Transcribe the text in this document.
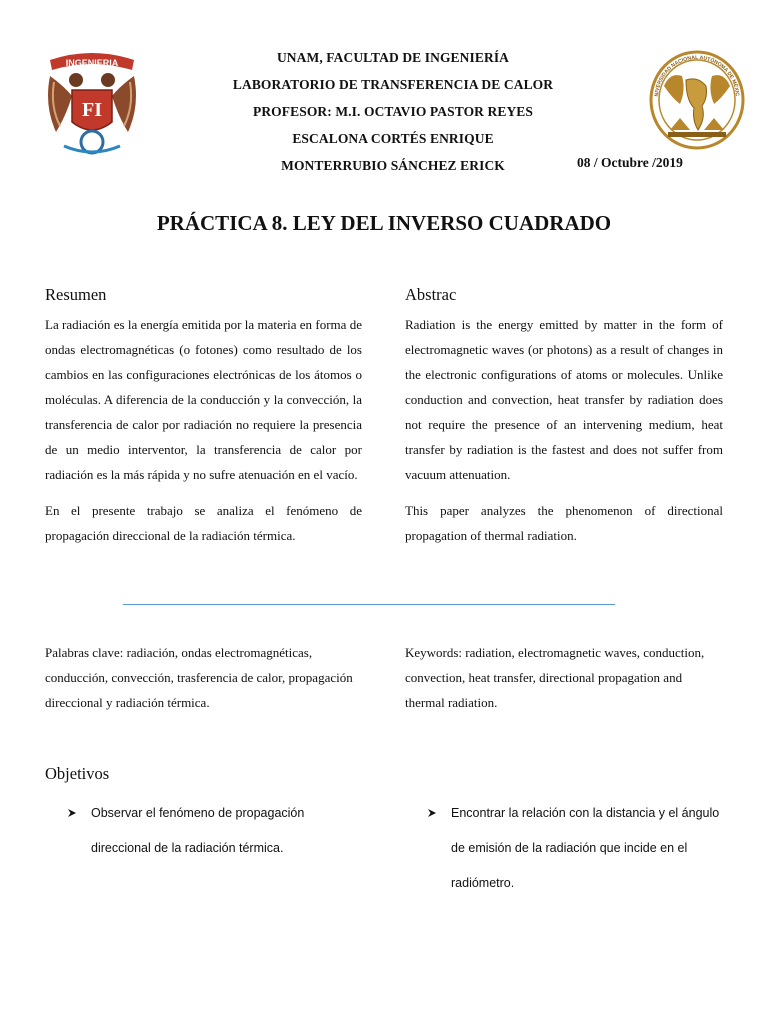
INGENIERIA
FI
UNAM, FACULTAD DE INGENIERÍA
LABORATORIO DE TRANSFERENCIA DE CALOR
PROFESOR: M.I. OCTAVIO PASTOR REYES
ESCALONA CORTÉS ENRIQUE
MONTERRUBIO SÁNCHEZ ERICK	08 / Octubre /2019
NIVERSIDAD NACIONAL AUTÓNOMA DE MÉXIC
PRÁCTICA 8. LEY DEL INVERSO CUADRADO
Resumen

La radiación es la energía emitida por la materia en forma de ondas electromagnéticas (o fotones) como resultado de los cambios en las configuraciones electrónicas de los átomos o moléculas. A diferencia de la conducción y la convección, la transferencia de calor por radiación no requiere la presencia de un medio interventor, la transferencia de calor por radiación es la más rápida y no sufre atenuación en el vacío.

En el presente trabajo se analiza el fenómeno de propagación direccional de la radiación térmica.

Abstrac

Radiation is the energy emitted by matter in the form of electromagnetic waves (or photons) as a result of changes in the electronic configurations of atoms or molecules. Unlike conduction and convection, heat transfer by radiation does not require the presence of an intervening medium, heat transfer by radiation is the fastest and does not suffer from vacuum attenuation.

This paper analyzes the phenomenon of directional propagation of thermal radiation.

Palabras clave: radiación, ondas electromagnéticas, conducción, convección, trasferencia de calor, propagación direccional y radiación térmica.

Keywords: radiation, electromagnetic waves, conduction, convection, heat transfer, directional propagation and thermal radiation.

Objetivos
Observar el fenómeno de propagación direccional de la radiación térmica.
Encontrar la relación con la distancia y el ángulo de emisión de la radiación que incide en el radiómetro.
